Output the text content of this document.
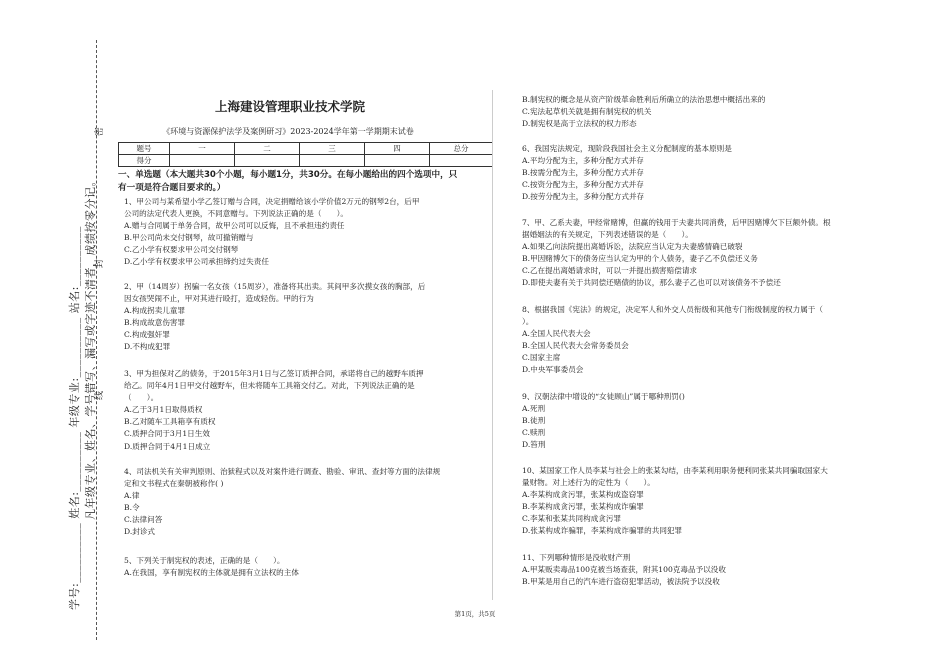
学号:__________ 姓名:__________ 年级专业:__________ 站名:__________ 凡年级专业、姓名、学号错写、漏写或字迹不清者，成绩按零分记。
线 封 密	上海建设管理职业技术学院
《环境与资源保护法学及案例研习》2023-2024学年第一学期期末试卷
题号	一	二	三	四	总分
得分					
一、单选题（本大题共30个小题，每小题1分，共30分。在每小题给出的四个选项中，只有一项是符合题目要求的。）
1、甲公司与某希望小学乙签订赠与合同，决定捐赠给该小学价值2万元的钢琴2台，后甲
公司的法定代表人更换，不同意赠与。下列说法正确的是（　　）。
A.赠与合同属于单务合同，故甲公司可以反悔，且不承担违约责任
B.甲公司尚未交付钢琴，故可撤销赠与
C.乙小学有权要求甲公司交付钢琴
D.乙小学有权要求甲公司承担缔约过失责任
2、甲（14周岁）拐骗一名女孩（15周岁），准备将其出卖。其间甲多次摸女孩的胸部，后
因女孩哭闹不止，甲对其进行殴打，造成轻伤。甲的行为
A.构成拐卖儿童罪
B.构成故意伤害罪
C.构成强奸罪
D.不构成犯罪
3、甲为担保对乙的债务，于2015年3月1日与乙签订质押合同，承诺将自己的越野车质押
给乙。同年4月1日甲交付越野车，但未将随车工具箱交付乙。对此，下列说法正确的是
（　　）。
A.乙于3月1日取得质权
B.乙对随车工具箱享有质权
C.质押合同于3月1日生效
D.质押合同于4月1日成立
4、司法机关有关审判原则、治狱程式以及对案件进行调查、勘验、审讯、查封等方面的法律规
定和文书程式在秦朝被称作( )
A.律
B.令
C.法律问答
D.封诊式
5、下列关于制宪权的表述，正确的是（　　）。
A.在我国，享有制宪权的主体就是拥有立法权的主体
B.制宪权的概念是从资产阶级革命胜利后所确立的法治思想中概括出来的
C.宪法起草机关就是拥有制宪权的机关
D.制宪权是高于立法权的权力形态
6、我国宪法规定，现阶段我国社会主义分配制度的基本原则是
A.平均分配为主，多种分配方式并存
B.按需分配为主，多种分配方式并存
C.按资分配为主，多种分配方式并存
D.按劳分配为主，多种分配方式并存
7、甲、乙系夫妻，甲经常赌博，但赢的钱用于夫妻共同消费，后甲因赌博欠下巨额外债。根
据婚姻法的有关规定，下列表述错误的是（　　）。
A.如果乙向法院提出离婚诉讼，法院应当认定为夫妻感情确已破裂
B.甲因赌博欠下的债务应当认定为甲的个人债务，妻子乙不负偿还义务
C.乙在提出离婚请求时，可以一并提出损害赔偿请求
D.即使夫妻有关于共同偿还赌债的协议，那么妻子乙也可以对该债务不予偿还
8、根据我国《宪法》的规定，决定军人和外交人员衔级和其他专门衔级制度的权力属于（
）。
A.全国人民代表大会
B.全国人民代表大会常务委员会
C.国家主席
D.中央军事委员会
9、汉朝法律中增设的“女徒顾山”属于哪种刑罚()
A.死刑
B.徒刑
C.赎刑
D.笞刑
10、某国家工作人员李某与社会上的张某勾结，由李某利用职务便利同张某共同骗取国家大
量财物。对上述行为的定性为（　　）。
A.李某构成贪污罪，张某构成盗窃罪
B.李某构成贪污罪，张某构成诈骗罪
C.李某和张某共同构成贪污罪
D.张某构成诈骗罪，李某构成诈骗罪的共同犯罪
11、下列哪种情形是没收财产刑
A.甲某贩卖毒品100克被当场查获，附其100克毒品予以没收
B.甲某是用自己的汽车进行盗窃犯罪活动，被法院予以没收
第1页，共5页
